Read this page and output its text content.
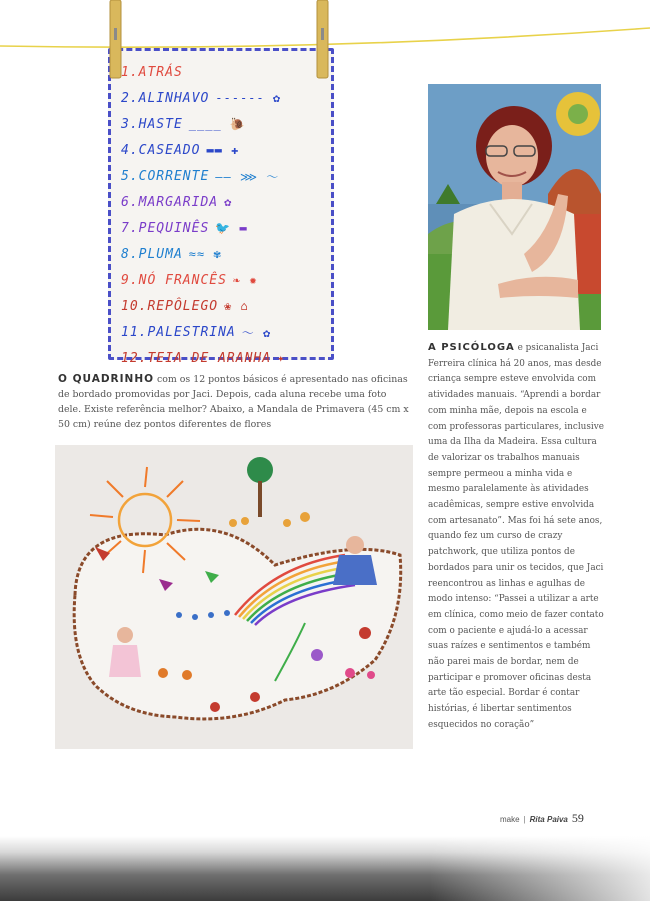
1.ATRÁS
2.ALINHAVO ------ ✿
3.HASTE ____ 🐌
4.CASEADO ▬▬ ✚
5.CORRENTE —— ⋙ ～
6.MARGARIDA ✿
7.PEQUINÊS 🐦 ▬
8.PLUMA ≈≈ ✾
9.NÓ FRANCÊS ❧ ✹
10.REPÔLEGO ❀ ⌂
11.PALESTRINA ～ ✿
12.TEIA DE ARANHA ✦

O QUADRINHO com os 12 pontos básicos é apresentado nas oficinas de bordado promovidas por Jaci. Depois, cada aluna recebe uma foto dele. Existe referência melhor? Abaixo, a Mandala de Primavera (45 cm x 50 cm) reúne dez pontos diferentes de flores

A PSICÓLOGA e psicanalista Jaci Ferreira clínica há 20 anos, mas desde criança sempre esteve envolvida com atividades manuais. “Aprendi a bordar com minha mãe, depois na escola e com professoras particulares, inclusive uma da Ilha da Madeira. Essa cultura de valorizar os trabalhos manuais sempre permeou a minha vida e mesmo paralelamente às atividades acadêmicas, sempre estive envolvida com artesanato”. Mas foi há sete anos, quando fez um curso de crazy patchwork, que utiliza pontos de bordados para unir os tecidos, que Jaci reencontrou as linhas e agulhas de modo intenso: “Passei a utilizar a arte em clínica, como meio de fazer contato com o paciente e ajudá-lo a acessar suas raízes e sentimentos e também não parei mais de bordar, nem de participar e promover oficinas desta arte tão especial. Bordar é contar histórias, é libertar sentimentos esquecidos no coração”

make | Rita Paiva 59
